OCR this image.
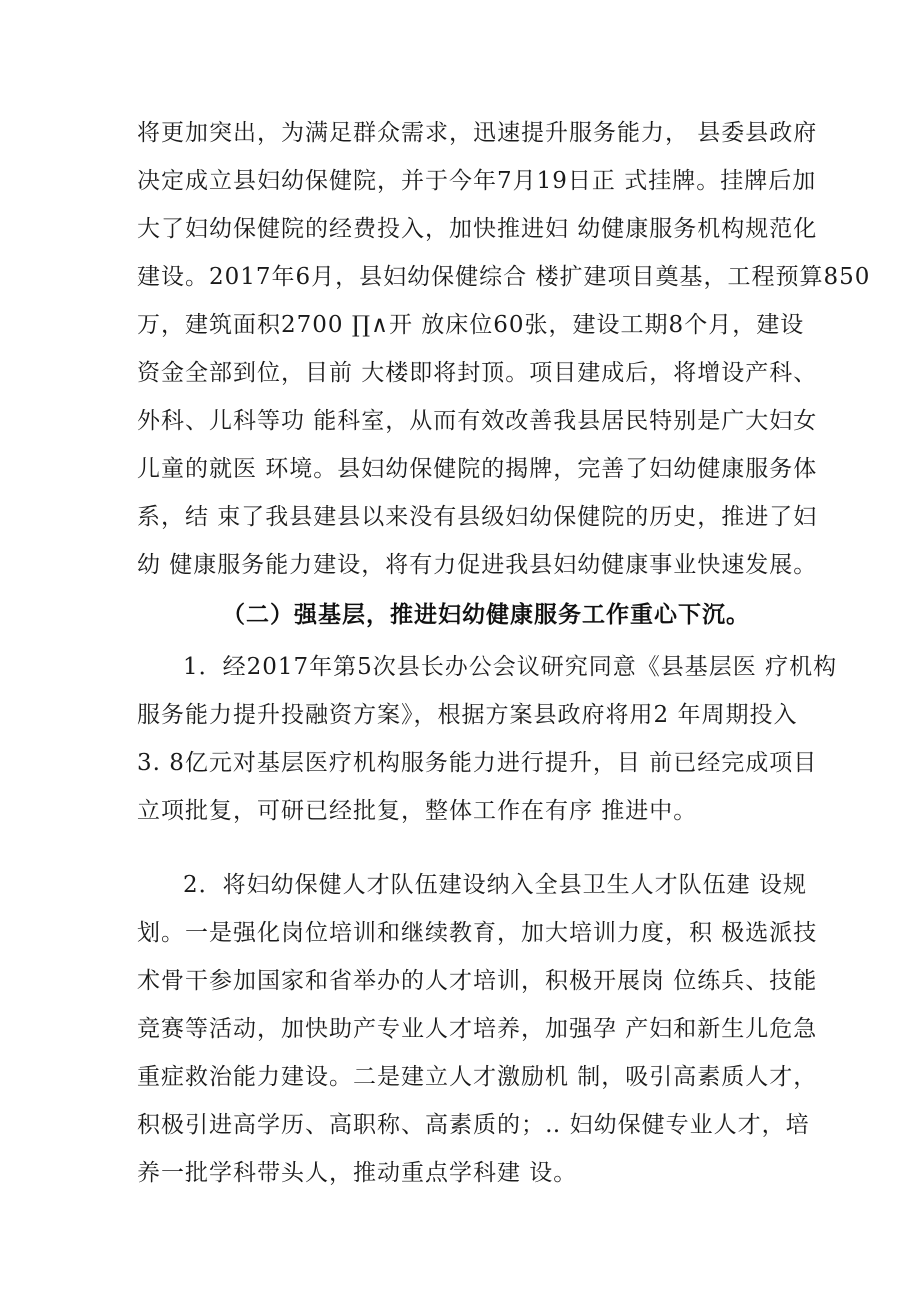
将更加突出，为满足群众需求，迅速提升服务能力， 县委县政府
决定成立县妇幼保健院，并于今年7月19日正 式挂牌。挂牌后加
大了妇幼保健院的经费投入，加快推进妇 幼健康服务机构规范化
建设。2017年6月，县妇幼保健综合 楼扩建项目奠基，工程预算850
万，建筑面积2700 ∏∧开 放床位60张，建设工期8个月，建设
资金全部到位，目前 大楼即将封顶。项目建成后，将增设产科、
外科、儿科等功 能科室，从而有效改善我县居民特别是广大妇女
儿童的就医 环境。县妇幼保健院的揭牌，完善了妇幼健康服务体
系，结 束了我县建县以来没有县级妇幼保健院的历史，推进了妇
幼 健康服务能力建设，将有力促进我县妇幼健康事业快速发展。
（二）强基层，推进妇幼健康服务工作重心下沉。
1．经2017年第5次县长办公会议研究同意《县基层医 疗机构
服务能力提升投融资方案》，根据方案县政府将用2 年周期投入
3. 8亿元对基层医疗机构服务能力进行提升，目 前已经完成项目
立项批复，可研已经批复，整体工作在有序 推进中。
2．将妇幼保健人才队伍建设纳入全县卫生人才队伍建 设规
划。一是强化岗位培训和继续教育，加大培训力度，积 极选派技
术骨干参加国家和省举办的人才培训，积极开展岗 位练兵、技能
竞赛等活动，加快助产专业人才培养，加强孕 产妇和新生儿危急
重症救治能力建设。二是建立人才激励机 制，吸引高素质人才，
积极引进高学历、高职称、高素质的；‥ 妇幼保健专业人才，培
养一批学科带头人，推动重点学科建 设。
